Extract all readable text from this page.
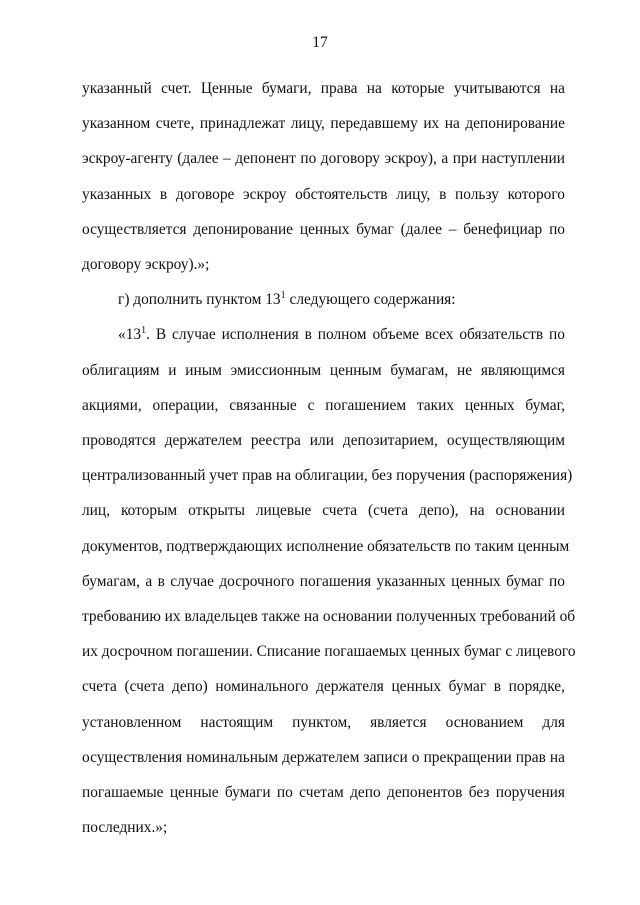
17
указанный счет. Ценные бумаги, права на которые учитываются на
указанном счете, принадлежат лицу, передавшему их на депонирование
эскроу-агенту (далее – депонент по договору эскроу), а при наступлении
указанных в договоре эскроу обстоятельств лицу, в пользу которого
осуществляется депонирование ценных бумаг (далее – бенефициар по
договору эскроу).»;
г) дополнить пунктом $13^1$ следующего содержания:
«$13^1$. В случае исполнения в полном объеме всех обязательств по
облигациям и иным эмиссионным ценным бумагам, не являющимся
акциями, операции, связанные с погашением таких ценных бумаг,
проводятся держателем реестра или депозитарием, осуществляющим
централизованный учет прав на облигации, без поручения (распоряжения)
лиц, которым открыты лицевые счета (счета депо), на основании
документов, подтверждающих исполнение обязательств по таким ценным
бумагам, а в случае досрочного погашения указанных ценных бумаг по
требованию их владельцев также на основании полученных требований об
их досрочном погашении. Списание погашаемых ценных бумаг с лицевого
счета (счета депо) номинального держателя ценных бумаг в порядке,
установленном настоящим пунктом, является основанием для
осуществления номинальным держателем записи о прекращении прав на
погашаемые ценные бумаги по счетам депо депонентов без поручения
последних.»;
